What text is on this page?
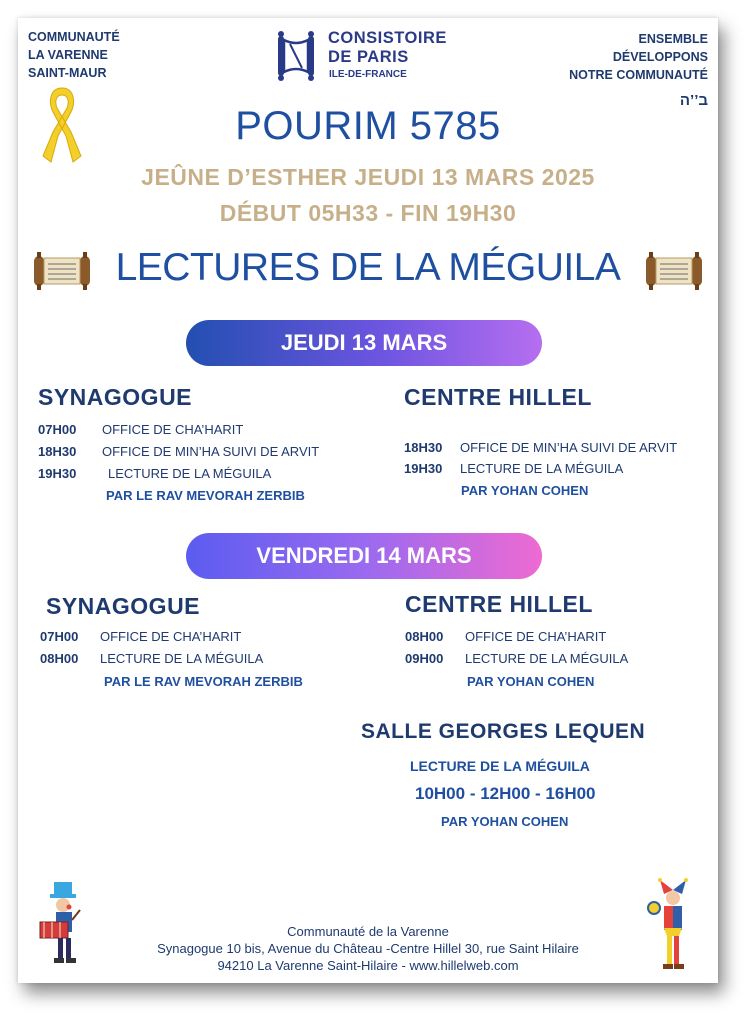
COMMUNAUTÉ
LA VARENNE
SAINT-MAUR
CONSISTOIRE
DE PARIS
ILE-DE-FRANCE
ENSEMBLE
DÉVELOPPONS
NOTRE COMMUNAUTÉ
ב’’ה
POURIM 5785
JEÛNE D’ESTHER JEUDI 13 MARS 2025
DÉBUT 05H33 - FIN 19H30
LECTURES DE LA MÉGUILA
JEUDI 13 MARS
SYNAGOGUE
07H00 OFFICE DE CHA’HARIT
18H30 OFFICE DE MIN’HA SUIVI DE ARVIT
19H30 LECTURE DE LA MÉGUILA
PAR LE RAV MEVORAH ZERBIB
CENTRE HILLEL
18H30 OFFICE DE MIN’HA SUIVI DE ARVIT
19H30 LECTURE DE LA MÉGUILA
PAR YOHAN COHEN
VENDREDI 14 MARS
SYNAGOGUE
07H00 OFFICE DE CHA’HARIT
08H00 LECTURE DE LA MÉGUILA
PAR LE RAV MEVORAH ZERBIB
CENTRE HILLEL
08H00 OFFICE DE CHA’HARIT
09H00 LECTURE DE LA MÉGUILA
PAR YOHAN COHEN
SALLE GEORGES LEQUEN
LECTURE DE LA MÉGUILA
10H00 - 12H00 - 16H00
PAR YOHAN COHEN
Communauté de la Varenne
Synagogue 10 bis, Avenue du Château -Centre Hillel 30, rue Saint Hilaire
94210 La Varenne Saint-Hilaire - www.hillelweb.com
